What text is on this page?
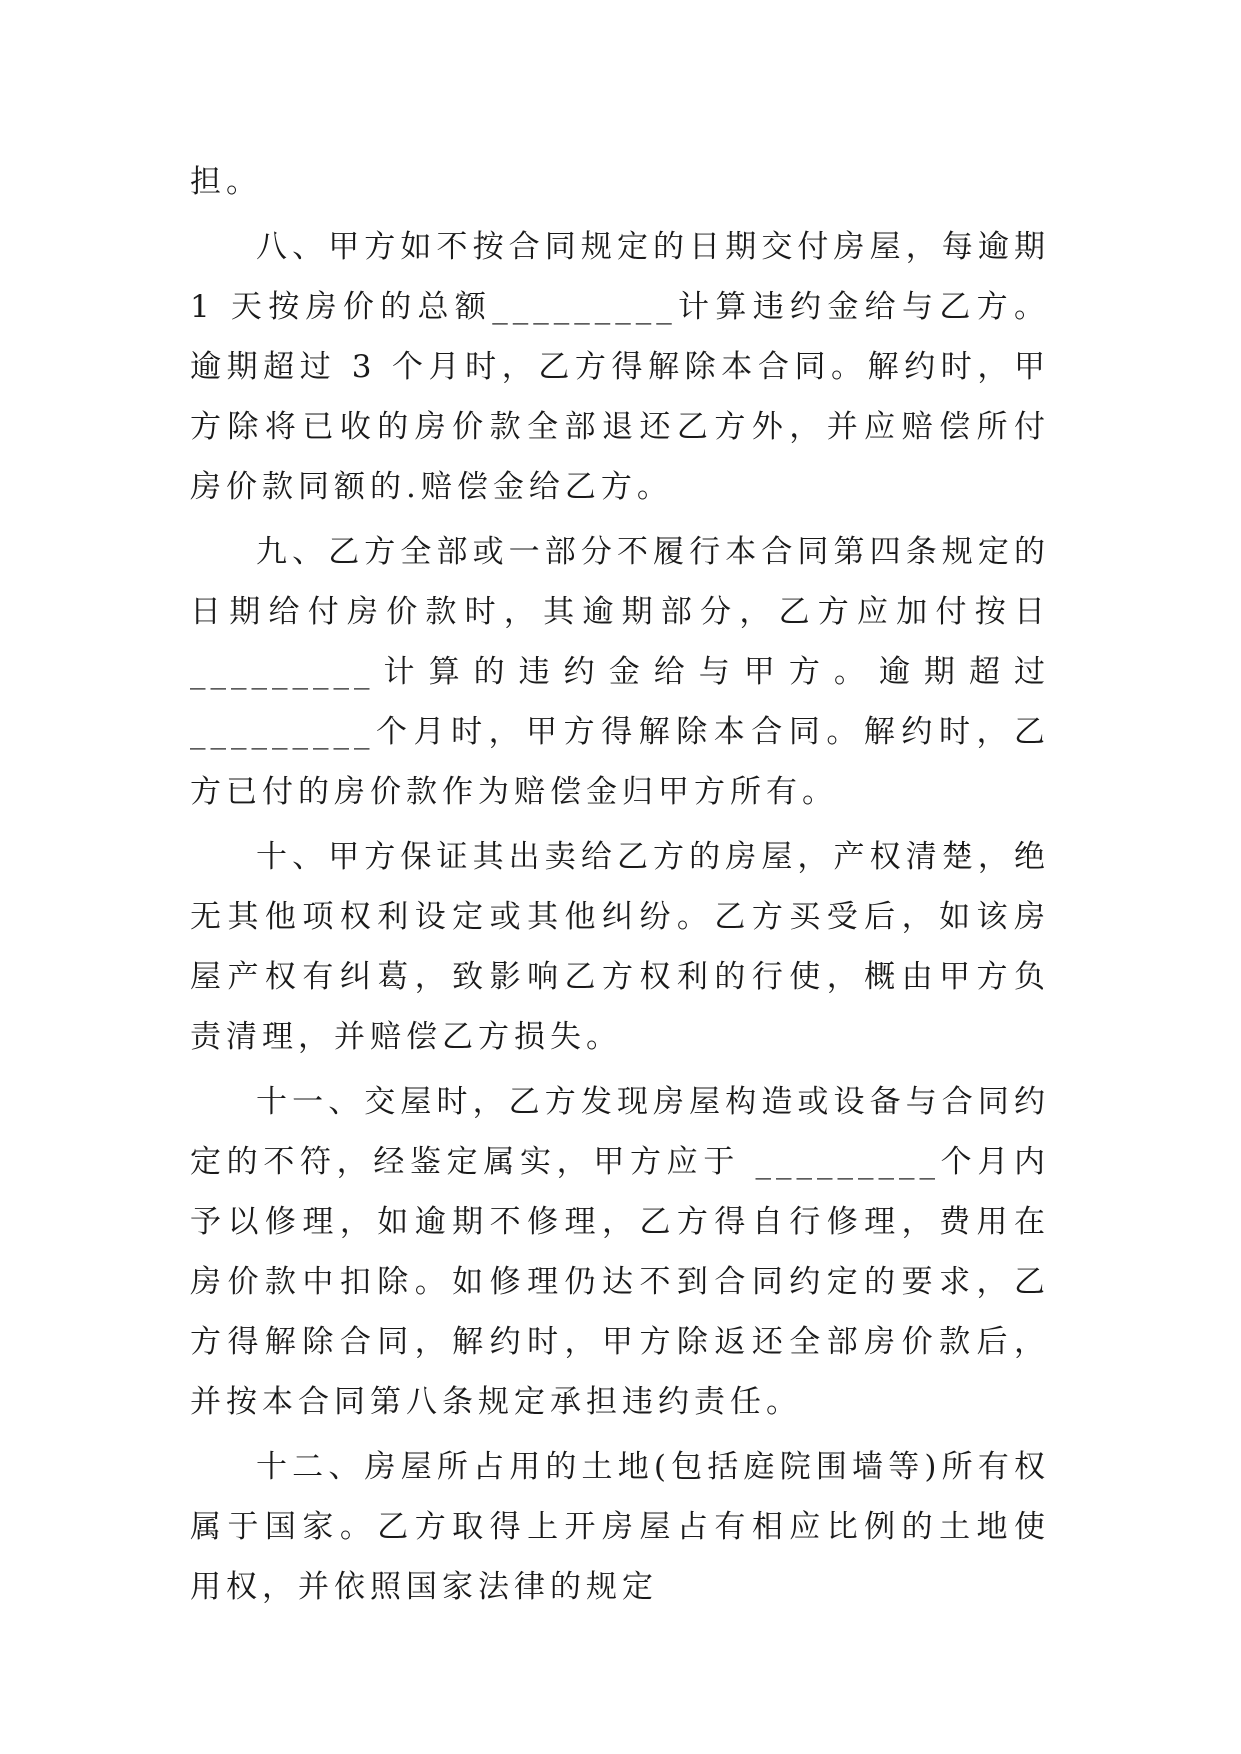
担。

八、甲方如不按合同规定的日期交付房屋，每逾期 1 天按房价的总额_________计算违约金给与乙方。逾期超过 3 个月时，乙方得解除本合同。解约时，甲方除将已收的房价款全部退还乙方外，并应赔偿所付房价款同额的.赔偿金给乙方。

九、乙方全部或一部分不履行本合同第四条规定的日期给付房价款时，其逾期部分，乙方应加付按日_________计算的违约金给与甲方。逾期超过_________个月时，甲方得解除本合同。解约时，乙方已付的房价款作为赔偿金归甲方所有。

十、甲方保证其出卖给乙方的房屋，产权清楚，绝无其他项权利设定或其他纠纷。乙方买受后，如该房屋产权有纠葛，致影响乙方权利的行使，概由甲方负责清理，并赔偿乙方损失。

十一、交屋时，乙方发现房屋构造或设备与合同约定的不符，经鉴定属实，甲方应于 _________个月内予以修理，如逾期不修理，乙方得自行修理，费用在房价款中扣除。如修理仍达不到合同约定的要求，乙方得解除合同，解约时，甲方除返还全部房价款后，并按本合同第八条规定承担违约责任。

十二、房屋所占用的土地(包括庭院围墙等)所有权属于国家。乙方取得上开房屋占有相应比例的土地使用权，并依照国家法律的规定
